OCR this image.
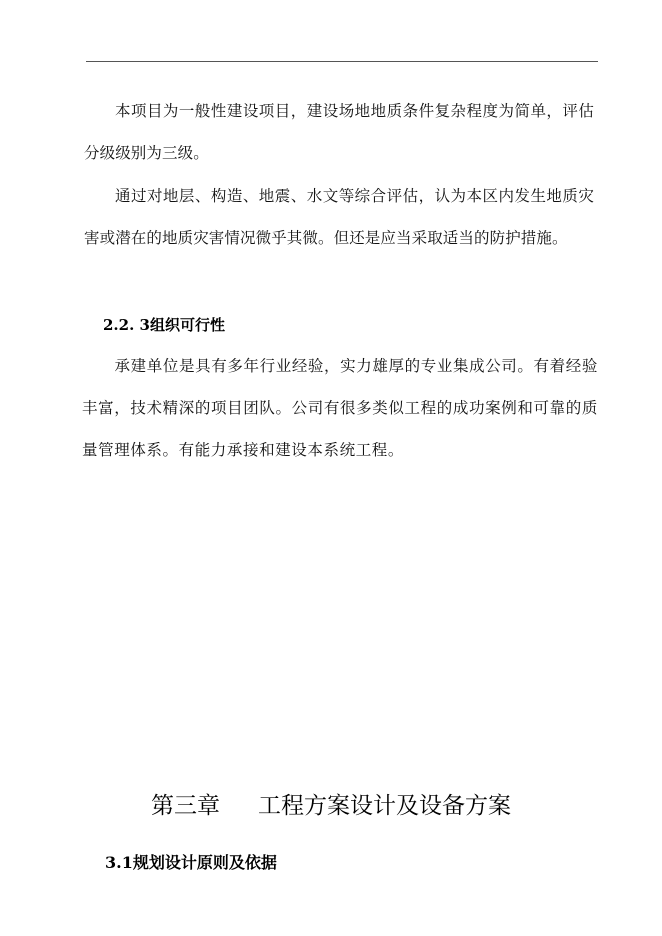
本项目为一般性建设项目，建设场地地质条件复杂程度为简单，评估分级级别为三级。

通过对地层、构造、地震、水文等综合评估，认为本区内发生地质灾害或潜在的地质灾害情况微乎其微。但还是应当采取适当的防护措施。

2.2. 3组织可行性

承建单位是具有多年行业经验，实力雄厚的专业集成公司。有着经验丰富，技术精深的项目团队。公司有很多类似工程的成功案例和可靠的质量管理体系。有能力承接和建设本系统工程。

第三章 工程方案设计及设备方案
3.1规划设计原则及依据
